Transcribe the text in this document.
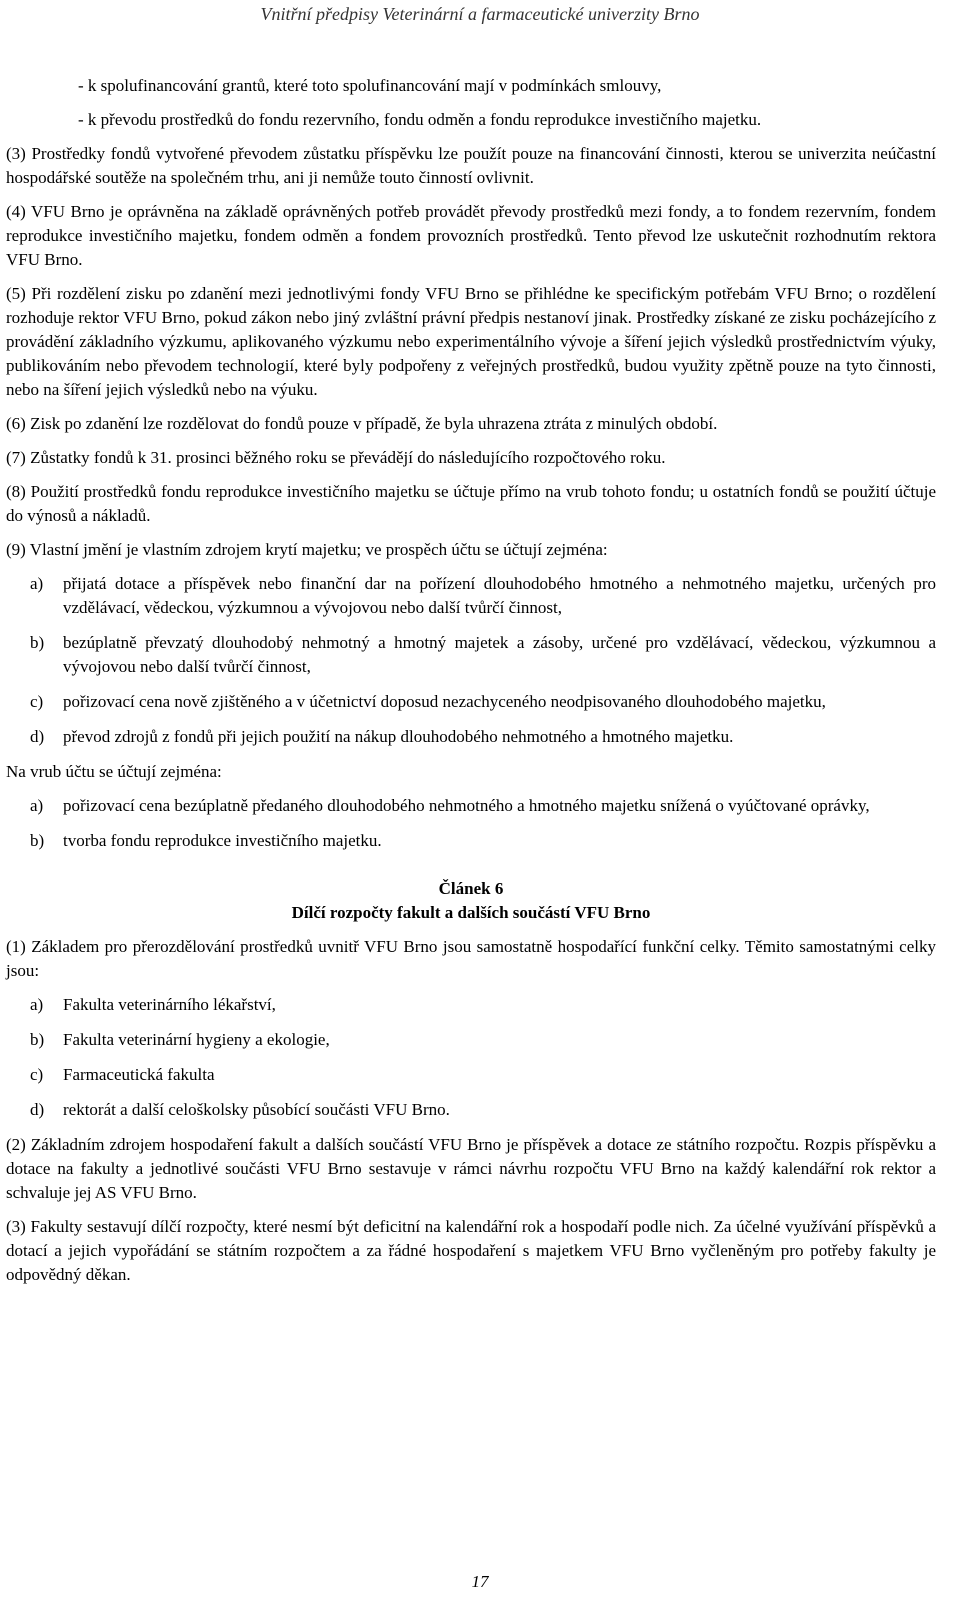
Vnitřní předpisy Veterinární a farmaceutické univerzity Brno
- k spolufinancování grantů, které toto spolufinancování mají v podmínkách smlouvy,
- k převodu prostředků do fondu rezervního, fondu odměn a fondu reprodukce investičního majetku.

(3) Prostředky fondů vytvořené převodem zůstatku příspěvku lze použít pouze na financování činnosti, kterou se univerzita neúčastní hospodářské soutěže na společném trhu, ani ji nemůže touto činností ovlivnit.

(4) VFU Brno je oprávněna na základě oprávněných potřeb provádět převody prostředků mezi fondy, a to fondem rezervním, fondem reprodukce investičního majetku, fondem odměn a fondem provozních prostředků. Tento převod lze uskutečnit rozhodnutím rektora VFU Brno.

(5) Při rozdělení zisku po zdanění mezi jednotlivými fondy VFU Brno se přihlédne ke specifickým potřebám VFU Brno; o rozdělení rozhoduje rektor VFU Brno, pokud zákon nebo jiný zvláštní právní předpis nestanoví jinak. Prostředky získané ze zisku pocházejícího z provádění základního výzkumu, aplikovaného výzkumu nebo experimentálního vývoje a šíření jejich výsledků prostřednictvím výuky, publikováním nebo převodem technologií, které byly podpořeny z veřejných prostředků, budou využity zpětně pouze na tyto činnosti, nebo na šíření jejich výsledků nebo na výuku.

(6) Zisk po zdanění lze rozdělovat do fondů pouze v případě, že byla uhrazena ztráta z minulých období.

(7) Zůstatky fondů k 31. prosinci běžného roku se převádějí do následujícího rozpočtového roku.

(8) Použití prostředků fondu reprodukce investičního majetku se účtuje přímo na vrub tohoto fondu; u ostatních fondů se použití účtuje do výnosů a nákladů.

(9) Vlastní jmění je vlastním zdrojem krytí majetku; ve prospěch účtu se účtují zejména:

a)	přijatá dotace a příspěvek nebo finanční dar na pořízení dlouhodobého hmotného a nehmotného majetku, určených pro vzdělávací, vědeckou, výzkumnou a vývojovou nebo další tvůrčí činnost,
b)	bezúplatně převzatý dlouhodobý nehmotný a hmotný majetek a zásoby, určené pro vzdělávací, vědeckou, výzkumnou a vývojovou nebo další tvůrčí činnost,
c)	pořizovací cena nově zjištěného a v účetnictví doposud nezachyceného neodpisovaného dlouhodobého majetku,
d)	převod zdrojů z fondů při jejich použití na nákup dlouhodobého nehmotného a hmotného majetku.

Na vrub účtu se účtují zejména:

a)	pořizovací cena bezúplatně předaného dlouhodobého nehmotného a hmotného majetku snížená o vyúčtované oprávky,
b)	tvorba fondu reprodukce investičního majetku.
Článek 6
Dílčí rozpočty fakult a dalších součástí VFU Brno

(1) Základem pro přerozdělování prostředků uvnitř VFU Brno jsou samostatně hospodařící funkční celky. Těmito samostatnými celky jsou:

a)	Fakulta veterinárního lékařství,
b)	Fakulta veterinární hygieny a ekologie,
c)	Farmaceutická fakulta
d)	rektorát a další celoškolsky působící součásti VFU Brno.

(2) Základním zdrojem hospodaření fakult a dalších součástí VFU Brno je příspěvek a dotace ze státního rozpočtu. Rozpis příspěvku a dotace na fakulty a jednotlivé součásti VFU Brno sestavuje v rámci návrhu rozpočtu VFU Brno na každý kalendářní rok rektor a schvaluje jej AS VFU Brno.

(3) Fakulty sestavují dílčí rozpočty, které nesmí být deficitní na kalendářní rok a hospodaří podle nich. Za účelné využívání příspěvků a dotací a jejich vypořádání se státním rozpočtem a za řádné hospodaření s majetkem VFU Brno vyčleněným pro potřeby fakulty je odpovědný děkan.

17
